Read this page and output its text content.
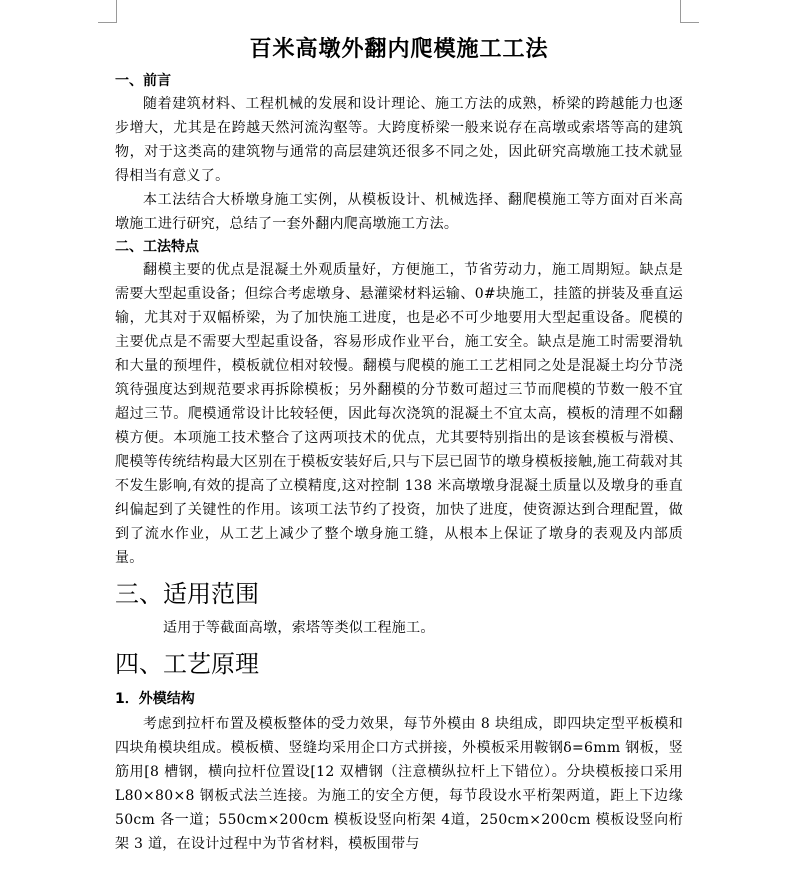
百米高墩外翻内爬模施工工法
一、前言

随着建筑材料、工程机械的发展和设计理论、施工方法的成熟，桥梁的跨越能力也逐步增大，尤其是在跨越天然河流沟壑等。大跨度桥梁一般来说存在高墩或索塔等高的建筑物，对于这类高的建筑物与通常的高层建筑还很多不同之处，因此研究高墩施工技术就显得相当有意义了。

本工法结合大桥墩身施工实例，从模板设计、机械选择、翻爬模施工等方面对百米高墩施工进行研究，总结了一套外翻内爬高墩施工方法。

二、工法特点

翻模主要的优点是混凝土外观质量好，方便施工，节省劳动力，施工周期短。缺点是需要大型起重设备；但综合考虑墩身、悬灌梁材料运输、0#块施工，挂篮的拼装及垂直运输，尤其对于双幅桥梁，为了加快施工进度，也是必不可少地要用大型起重设备。爬模的主要优点是不需要大型起重设备，容易形成作业平台，施工安全。缺点是施工时需要滑轨和大量的预埋件，模板就位相对较慢。翻模与爬模的施工工艺相同之处是混凝土均分节浇筑待强度达到规范要求再拆除模板；另外翻模的分节数可超过三节而爬模的节数一般不宜超过三节。爬模通常设计比较轻便，因此每次浇筑的混凝土不宜太高，模板的清理不如翻模方便。本项施工技术整合了这两项技术的优点，尤其要特别指出的是该套模板与滑模、爬模等传统结构最大区别在于模板安装好后,只与下层已固节的墩身模板接触,施工荷载对其不发生影响,有效的提高了立模精度,这对控制 138 米高墩墩身混凝土质量以及墩身的垂直纠偏起到了关键性的作用。该项工法节约了投资，加快了进度，使资源达到合理配置，做到了流水作业，从工艺上减少了整个墩身施工缝，从根本上保证了墩身的表观及内部质量。

三、适用范围

适用于等截面高墩，索塔等类似工程施工。

四、工艺原理
1．外模结构

考虑到拉杆布置及模板整体的受力效果，每节外模由 8 块组成，即四块定型平板模和四块角模块组成。模板横、竖缝均采用企口方式拼接，外模板采用鞍钢δ=6mm 钢板，竖筋用[8 槽钢，横向拉杆位置设[12 双槽钢（注意横纵拉杆上下错位）。分块模板接口采用 L80×80×8 钢板式法兰连接。为施工的安全方便，每节段设水平桁架两道，距上下边缘 50cm 各一道；550cm×200cm 模板设竖向桁架 4道，250cm×200cm 模板设竖向桁架 3 道，在设计过程中为节省材料，模板围带与
